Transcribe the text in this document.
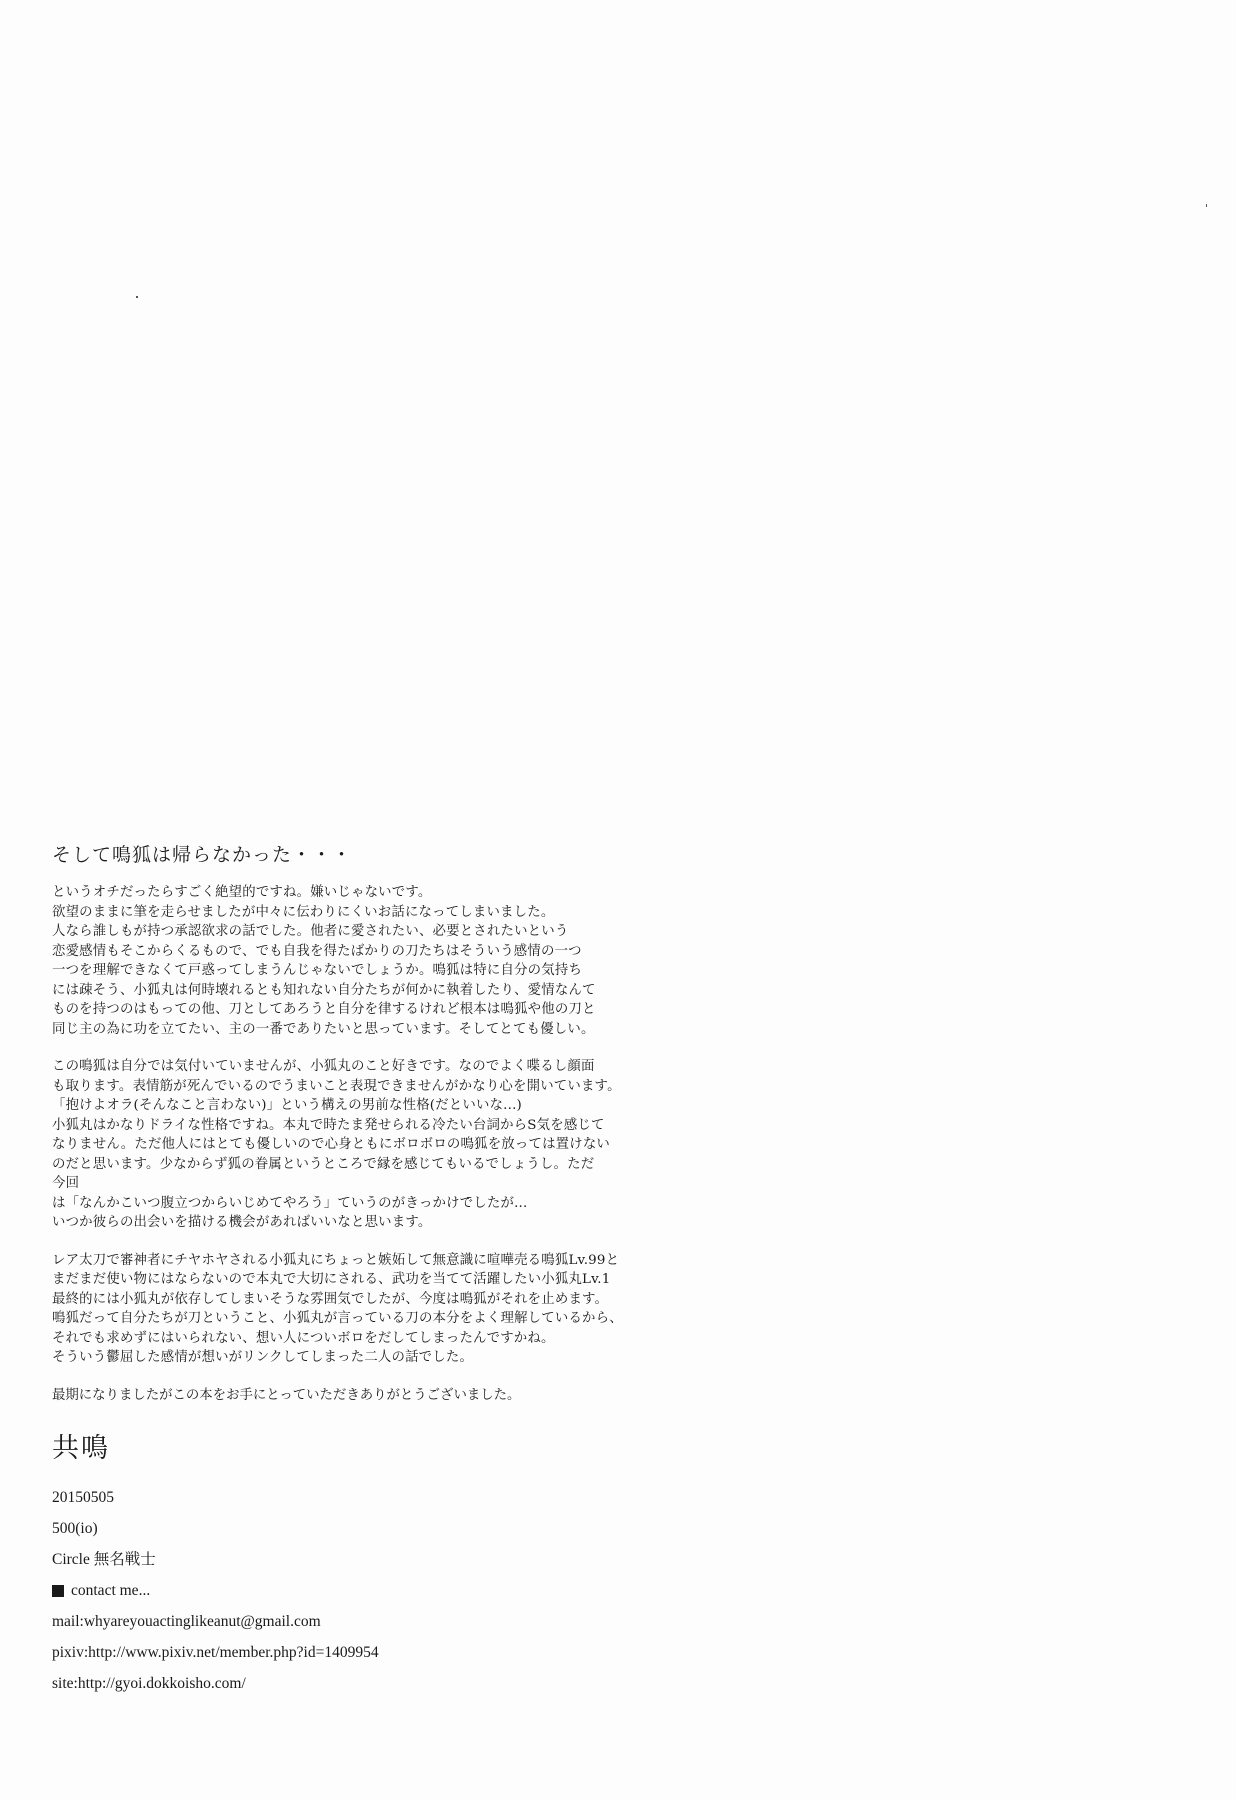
そして鳴狐は帰らなかった・・・
というオチだったらすごく絶望的ですね。嫌いじゃないです。
欲望のままに筆を走らせましたが中々に伝わりにくいお話になってしまいました。
人なら誰しもが持つ承認欲求の話でした。他者に愛されたい、必要とされたいという
恋愛感情もそこからくるもので、でも自我を得たばかりの刀たちはそういう感情の一つ
一つを理解できなくて戸惑ってしまうんじゃないでしょうか。鳴狐は特に自分の気持ち
には疎そう、小狐丸は何時壊れるとも知れない自分たちが何かに執着したり、愛情なんて
ものを持つのはもっての他、刀としてあろうと自分を律するけれど根本は鳴狐や他の刀と
同じ主の為に功を立てたい、主の一番でありたいと思っています。そしてとても優しい。
この鳴狐は自分では気付いていませんが、小狐丸のこと好きです。なのでよく喋るし顔面
も取ります。表情筋が死んでいるのでうまいこと表現できませんがかなり心を開いています。
「抱けよオラ(そんなこと言わない)」という構えの男前な性格(だといいな...)
小狐丸はかなりドライな性格ですね。本丸で時たま発せられる冷たい台詞からS気を感じて
なりません。ただ他人にはとても優しいので心身ともにボロボロの鳴狐を放っては置けない
のだと思います。少なからず狐の眷属というところで縁を感じてもいるでしょうし。ただ
今回
は「なんかこいつ腹立つからいじめてやろう」ていうのがきっかけでしたが...
いつか彼らの出会いを描ける機会があればいいなと思います。
レア太刀で審神者にチヤホヤされる小狐丸にちょっと嫉妬して無意識に喧嘩売る鳴狐Lv.99と
まだまだ使い物にはならないので本丸で大切にされる、武功を当てて活躍したい小狐丸Lv.1
最終的には小狐丸が依存してしまいそうな雰囲気でしたが、今度は鳴狐がそれを止めます。
鳴狐だって自分たちが刀ということ、小狐丸が言っている刀の本分をよく理解しているから、
それでも求めずにはいられない、想い人についボロをだしてしまったんですかね。
そういう鬱屈した感情が想いがリンクしてしまった二人の話でした。
最期になりましたがこの本をお手にとっていただきありがとうございました。
共鳴
20150505
500(io)
Circle 無名戦士
contact me...
mail:whyareyouactinglikeanut@gmail.com
pixiv:http://www.pixiv.net/member.php?id=1409954
site:http://gyoi.dokkoisho.com/
